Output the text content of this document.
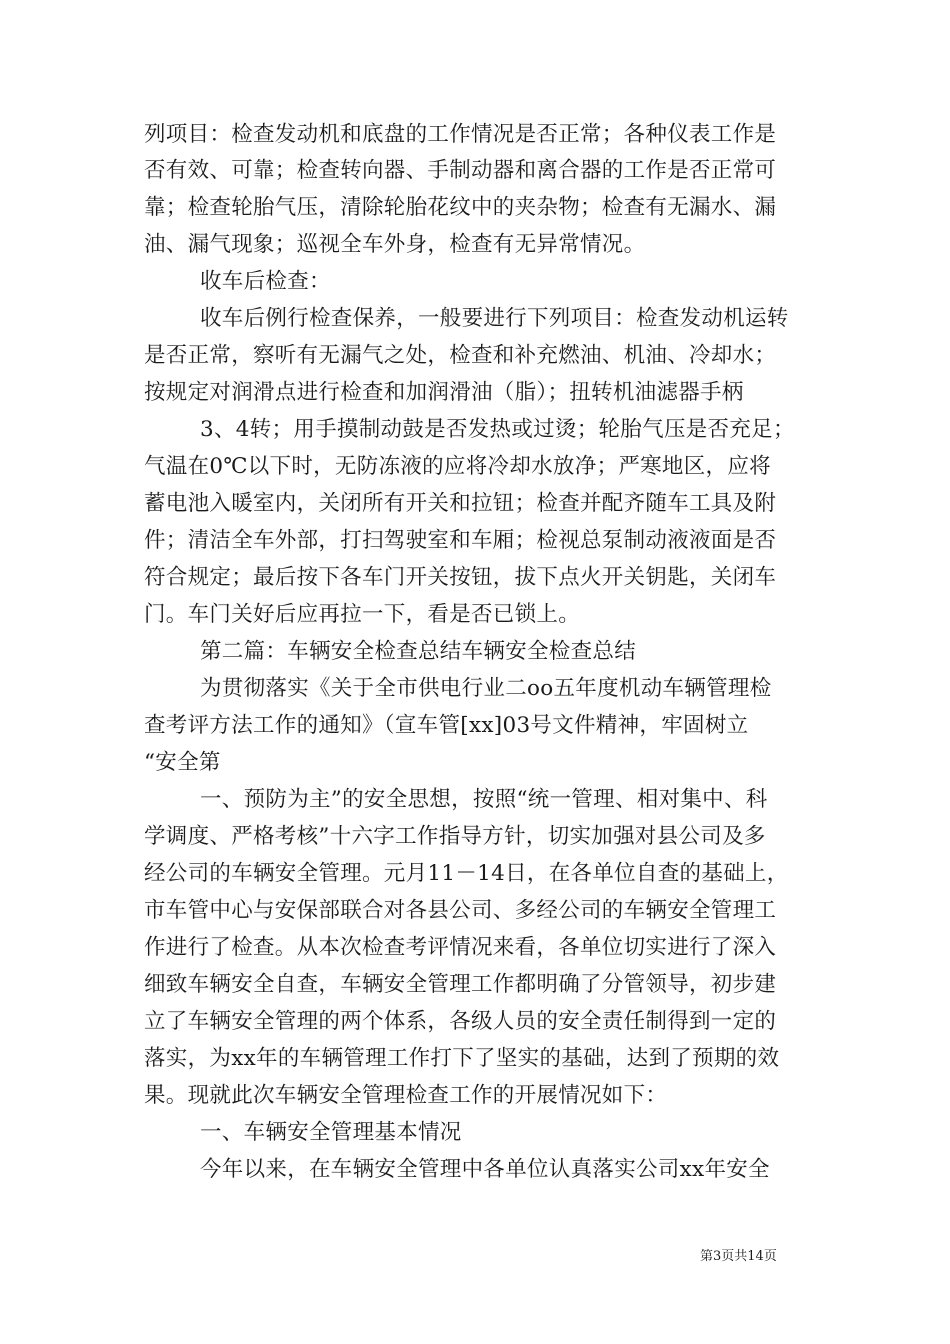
列项目：检查发动机和底盘的工作情况是否正常；各种仪表工作是
否有效、可靠；检查转向器、手制动器和离合器的工作是否正常可
靠；检查轮胎气压，清除轮胎花纹中的夹杂物；检查有无漏水、漏
油、漏气现象；巡视全车外身，检查有无异常情况。
收车后检查：
收车后例行检查保养，一般要进行下列项目：检查发动机运转
是否正常，察听有无漏气之处，检查和补充燃油、机油、冷却水；
按规定对润滑点进行检查和加润滑油（脂）；扭转机油滤器手柄
3、4转；用手摸制动鼓是否发热或过烫；轮胎气压是否充足；
气温在0℃以下时，无防冻液的应将冷却水放净；严寒地区，应将
蓄电池入暖室内，关闭所有开关和拉钮；检查并配齐随车工具及附
件；清洁全车外部，打扫驾驶室和车厢；检视总泵制动液液面是否
符合规定；最后按下各车门开关按钮，拔下点火开关钥匙，关闭车
门。车门关好后应再拉一下，看是否已锁上。
第二篇：车辆安全检查总结车辆安全检查总结
为贯彻落实《关于全市供电行业二oo五年度机动车辆管理检
查考评方法工作的通知》（宣车管[xx]03号文件精神，牢固树立
“安全第
一、预防为主”的安全思想，按照“统一管理、相对集中、科
学调度、严格考核”十六字工作指导方针，切实加强对县公司及多
经公司的车辆安全管理。元月11－14日，在各单位自查的基础上，
市车管中心与安保部联合对各县公司、多经公司的车辆安全管理工
作进行了检查。从本次检查考评情况来看，各单位切实进行了深入
细致车辆安全自查，车辆安全管理工作都明确了分管领导，初步建
立了车辆安全管理的两个体系，各级人员的安全责任制得到一定的
落实，为xx年的车辆管理工作打下了坚实的基础，达到了预期的效
果。现就此次车辆安全管理检查工作的开展情况如下：
一、车辆安全管理基本情况
今年以来，在车辆安全管理中各单位认真落实公司xx年安全
第3页共14页
